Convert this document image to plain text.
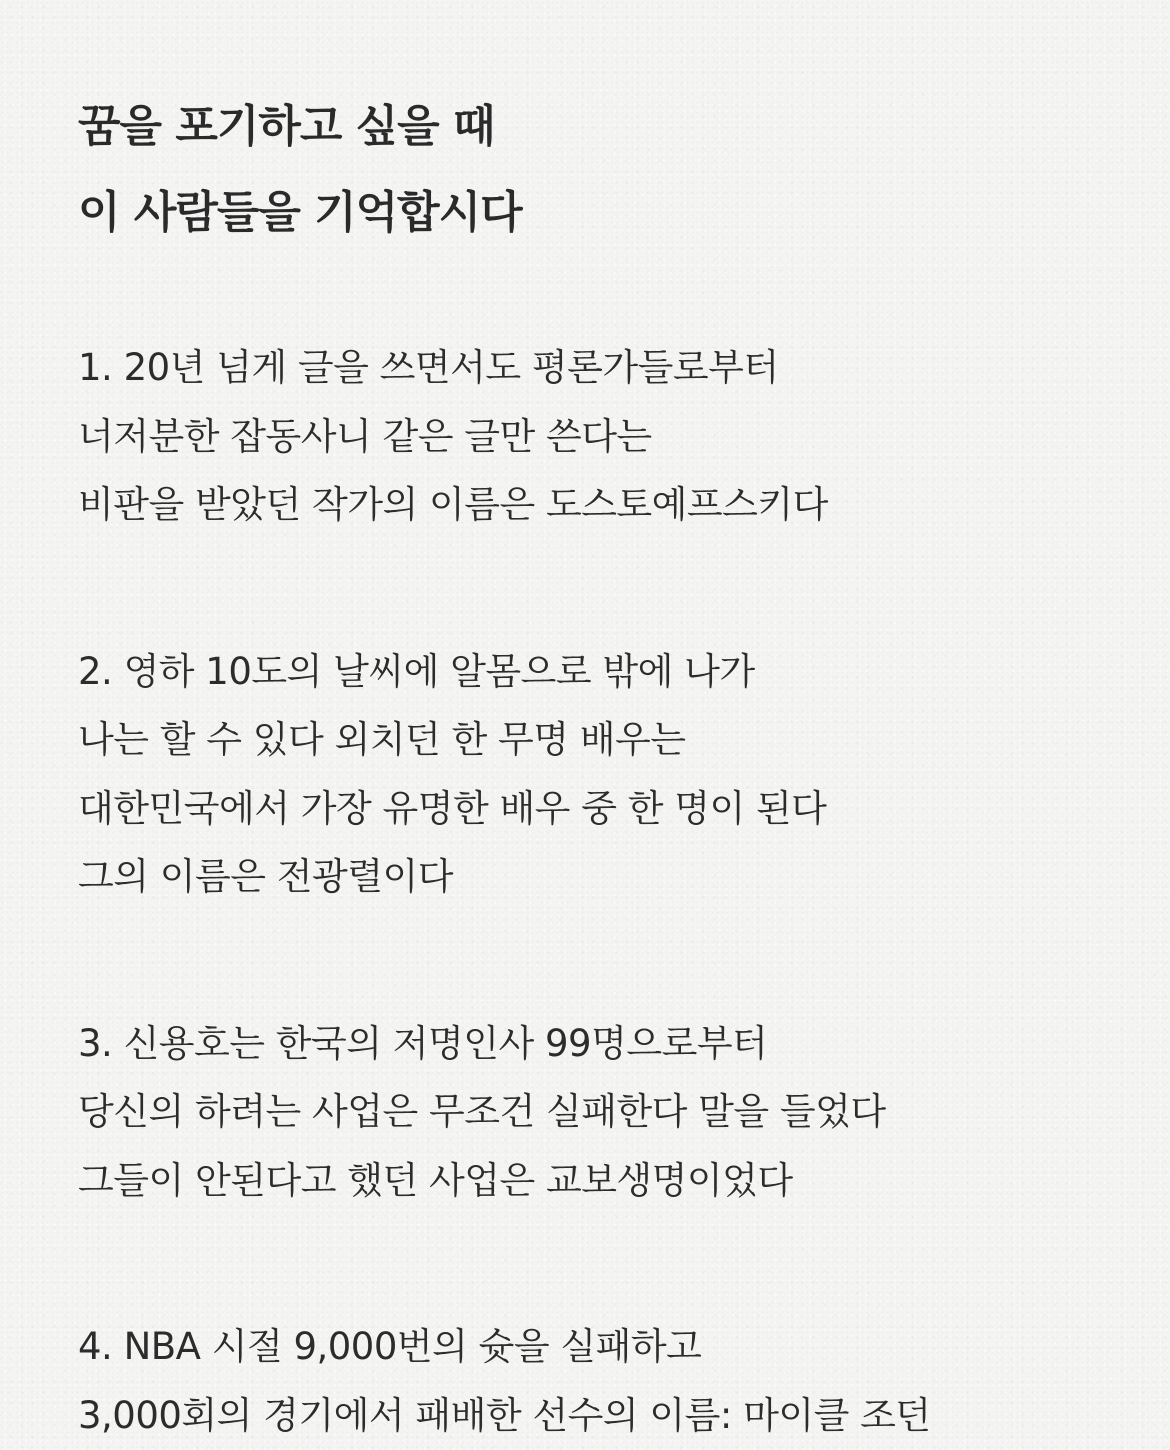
꿈을 포기하고 싶을 때
이 사람들을 기억합시다
1. 20년 넘게 글을 쓰면서도 평론가들로부터
너저분한 잡동사니 같은 글만 쓴다는
비판을 받았던 작가의 이름은 도스토예프스키다
2. 영하 10도의 날씨에 알몸으로 밖에 나가
나는 할 수 있다 외치던 한 무명 배우는
대한민국에서 가장 유명한 배우 중 한 명이 된다
그의 이름은 전광렬이다
3. 신용호는 한국의 저명인사 99명으로부터
당신의 하려는 사업은 무조건 실패한다 말을 들었다
그들이 안된다고 했던 사업은 교보생명이었다
4. NBA 시절 9,000번의 슛을 실패하고
3,000회의 경기에서 패배한 선수의 이름: 마이클 조던
